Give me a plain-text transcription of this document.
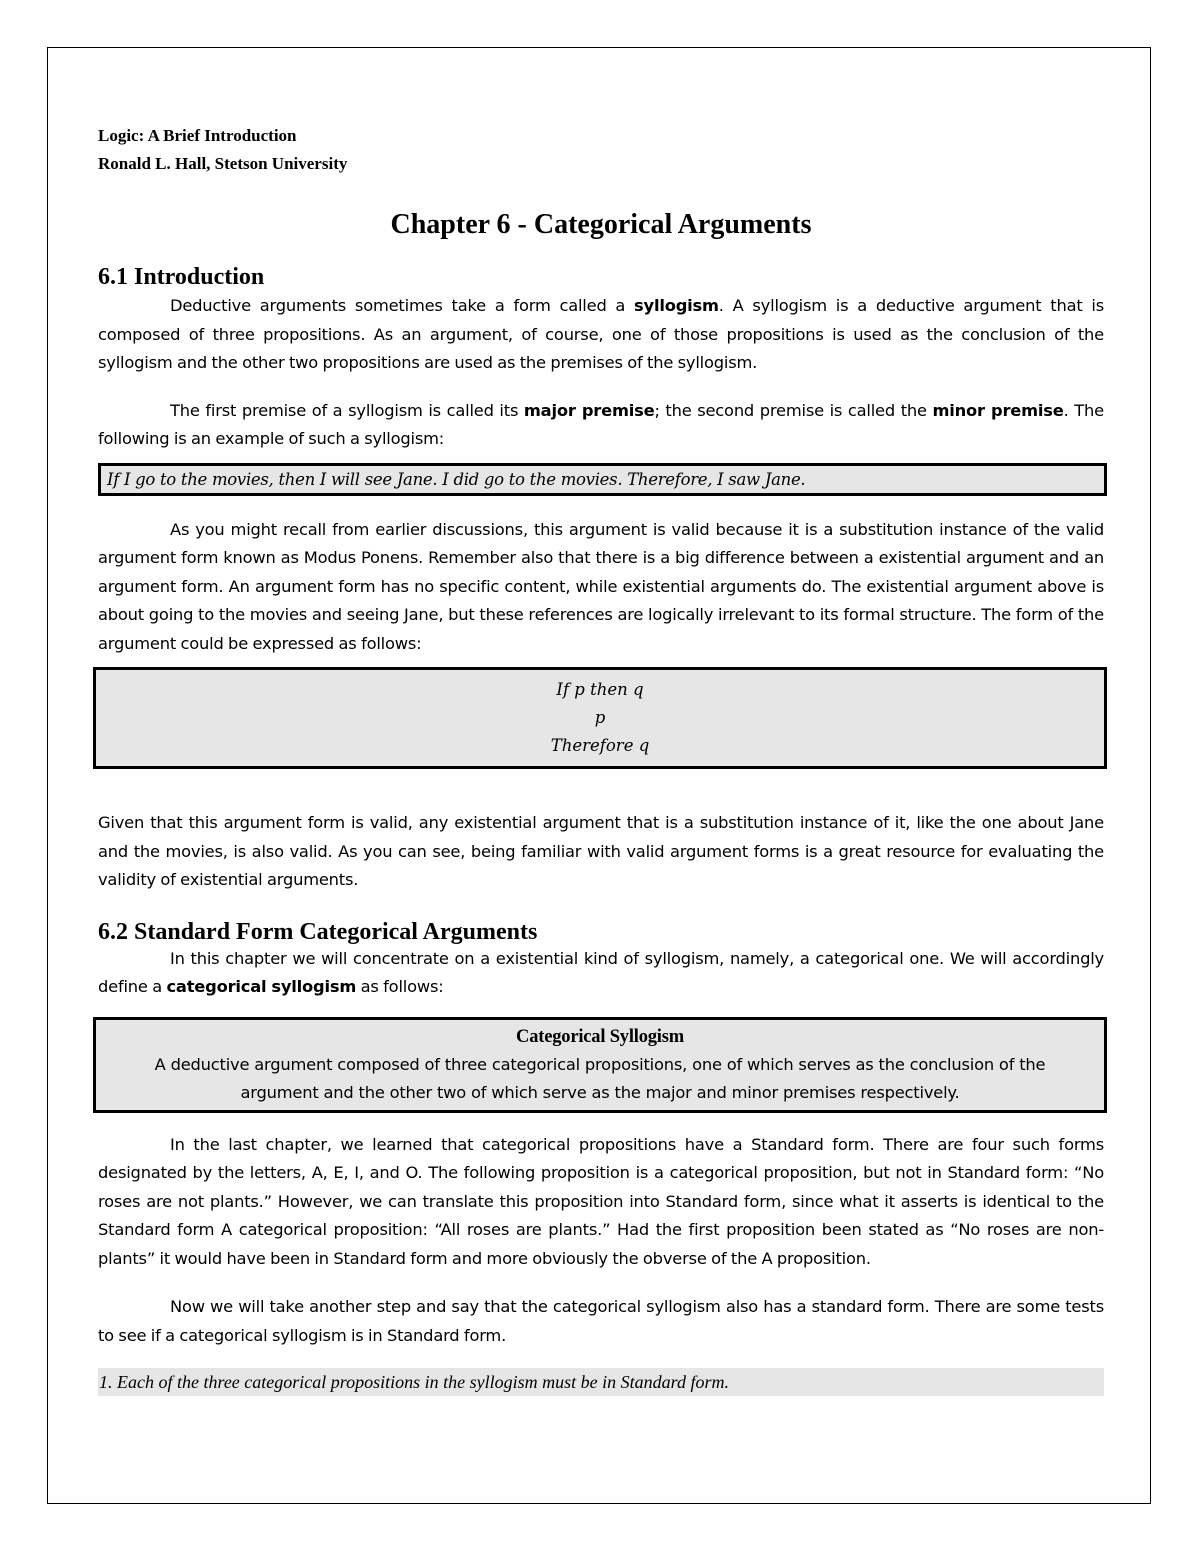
Logic: A Brief Introduction
Ronald L. Hall, Stetson University
Chapter 6 - Categorical Arguments
6.1 Introduction

Deductive arguments sometimes take a form called a syllogism. A syllogism is a deductive argument that is composed of three propositions. As an argument, of course, one of those propositions is used as the conclusion of the syllogism and the other two propositions are used as the premises of the syllogism.

The first premise of a syllogism is called its major premise; the second premise is called the minor premise. The following is an example of such a syllogism:

If I go to the movies, then I will see Jane. I did go to the movies. Therefore, I saw Jane.

As you might recall from earlier discussions, this argument is valid because it is a substitution instance of the valid argument form known as Modus Ponens. Remember also that there is a big difference between a existential argument and an argument form. An argument form has no specific content, while existential arguments do. The existential argument above is about going to the movies and seeing Jane, but these references are logically irrelevant to its formal structure. The form of the argument could be expressed as follows:

If p then q
p
Therefore q

Given that this argument form is valid, any existential argument that is a substitution instance of it, like the one about Jane and the movies, is also valid. As you can see, being familiar with valid argument forms is a great resource for evaluating the validity of existential arguments.

6.2 Standard Form Categorical Arguments

In this chapter we will concentrate on a existential kind of syllogism, namely, a categorical one. We will accordingly define a categorical syllogism as follows:

Categorical Syllogism
A deductive argument composed of three categorical propositions, one of which serves as the conclusion of the argument and the other two of which serve as the major and minor premises respectively.

In the last chapter, we learned that categorical propositions have a Standard form. There are four such forms designated by the letters, A, E, I, and O. The following proposition is a categorical proposition, but not in Standard form: “No roses are not plants.” However, we can translate this proposition into Standard form, since what it asserts is identical to the Standard form A categorical proposition: “All roses are plants.” Had the first proposition been stated as “No roses are non-plants” it would have been in Standard form and more obviously the obverse of the A proposition.

Now we will take another step and say that the categorical syllogism also has a standard form. There are some tests to see if a categorical syllogism is in Standard form.

1. Each of the three categorical propositions in the syllogism must be in Standard form.
